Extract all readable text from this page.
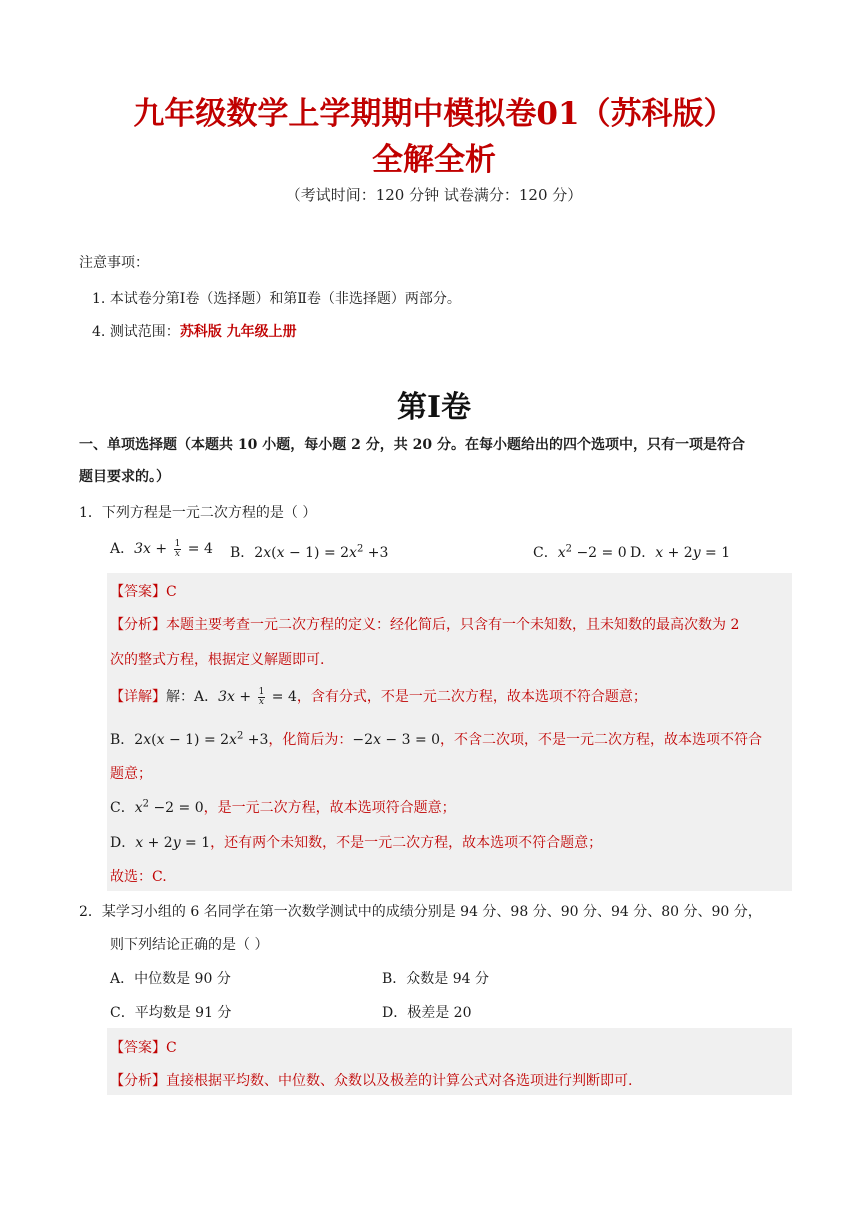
九年级数学上学期期中模拟卷01（苏科版）
全解全析
（考试时间：120 分钟 试卷满分：120 分）
注意事项：
1. 本试卷分第Ⅰ卷（选择题）和第Ⅱ卷（非选择题）两部分。
4. 测试范围：苏科版 九年级上册
第Ⅰ卷
一、单项选择题（本题共 10 小题，每小题 2 分，共 20 分。在每小题给出的四个选项中，只有一项是符合
题目要求的。）
1．下列方程是一元二次方程的是（ ）
A．$3x + \frac{1}{x} = 4$ B．$2x(x - 1) = 2x^2 +3$	C．$x^2 -2 = 0$ D．x + 2y = 1
【答案】C
【分析】本题主要考查一元二次方程的定义：经化简后，只含有一个未知数，且未知数的最高次数为 2
次的整式方程，根据定义解题即可.
【详解】解：A．$3x + \frac{1}{x} = 4$，含有分式，不是一元二次方程，故本选项不符合题意；
B．$2x(x - 1) = 2x^2 +3$，化简后为：−2x − 3 = 0，不含二次项，不是一元二次方程，故本选项不符合
题意；
C．$x^2 -2 = 0$，是一元二次方程，故本选项符合题意；
D．x + 2y = 1，还有两个未知数，不是一元二次方程，故本选项不符合题意；
故选：C.
2．某学习小组的 6 名同学在第一次数学测试中的成绩分别是 94 分、98 分、90 分、94 分、80 分、90 分，
则下列结论正确的是（ ）
A．中位数是 90 分	B．众数是 94 分
C．平均数是 91 分	D．极差是 20
【答案】C
【分析】直接根据平均数、中位数、众数以及极差的计算公式对各选项进行判断即可.
